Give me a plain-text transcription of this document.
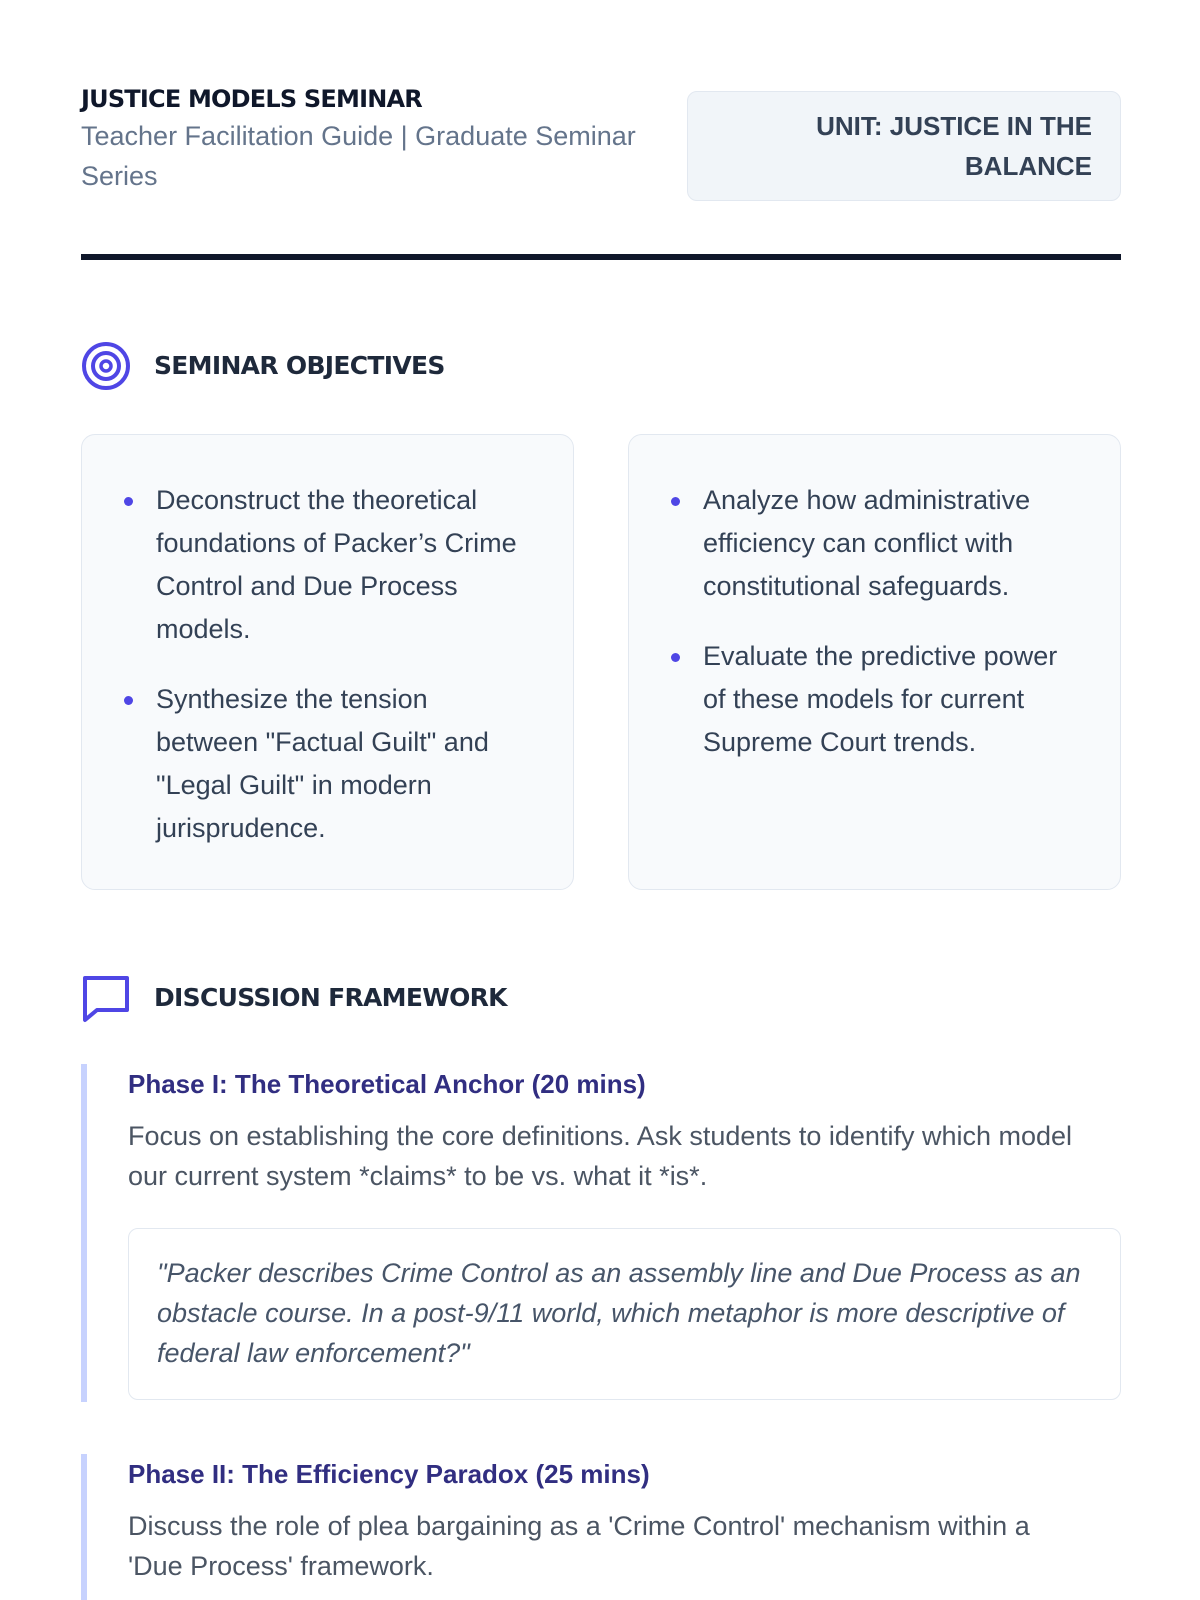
JUSTICE MODELS SEMINAR
Teacher Facilitation Guide | Graduate Seminar Series
UNIT: JUSTICE IN THE BALANCE
SEMINAR OBJECTIVES
Deconstruct the theoretical foundations of Packer’s Crime Control and Due Process models.
Synthesize the tension between "Factual Guilt" and "Legal Guilt" in modern jurisprudence.
Analyze how administrative efficiency can conflict with constitutional safeguards.
Evaluate the predictive power of these models for current Supreme Court trends.
DISCUSSION FRAMEWORK
Phase I: The Theoretical Anchor (20 mins)
Focus on establishing the core definitions. Ask students to identify which model our current system *claims* to be vs. what it *is*.
"Packer describes Crime Control as an assembly line and Due Process as an obstacle course. In a post-9/11 world, which metaphor is more descriptive of federal law enforcement?"
Phase II: The Efficiency Paradox (25 mins)
Discuss the role of plea bargaining as a 'Crime Control' mechanism within a 'Due Process' framework.
